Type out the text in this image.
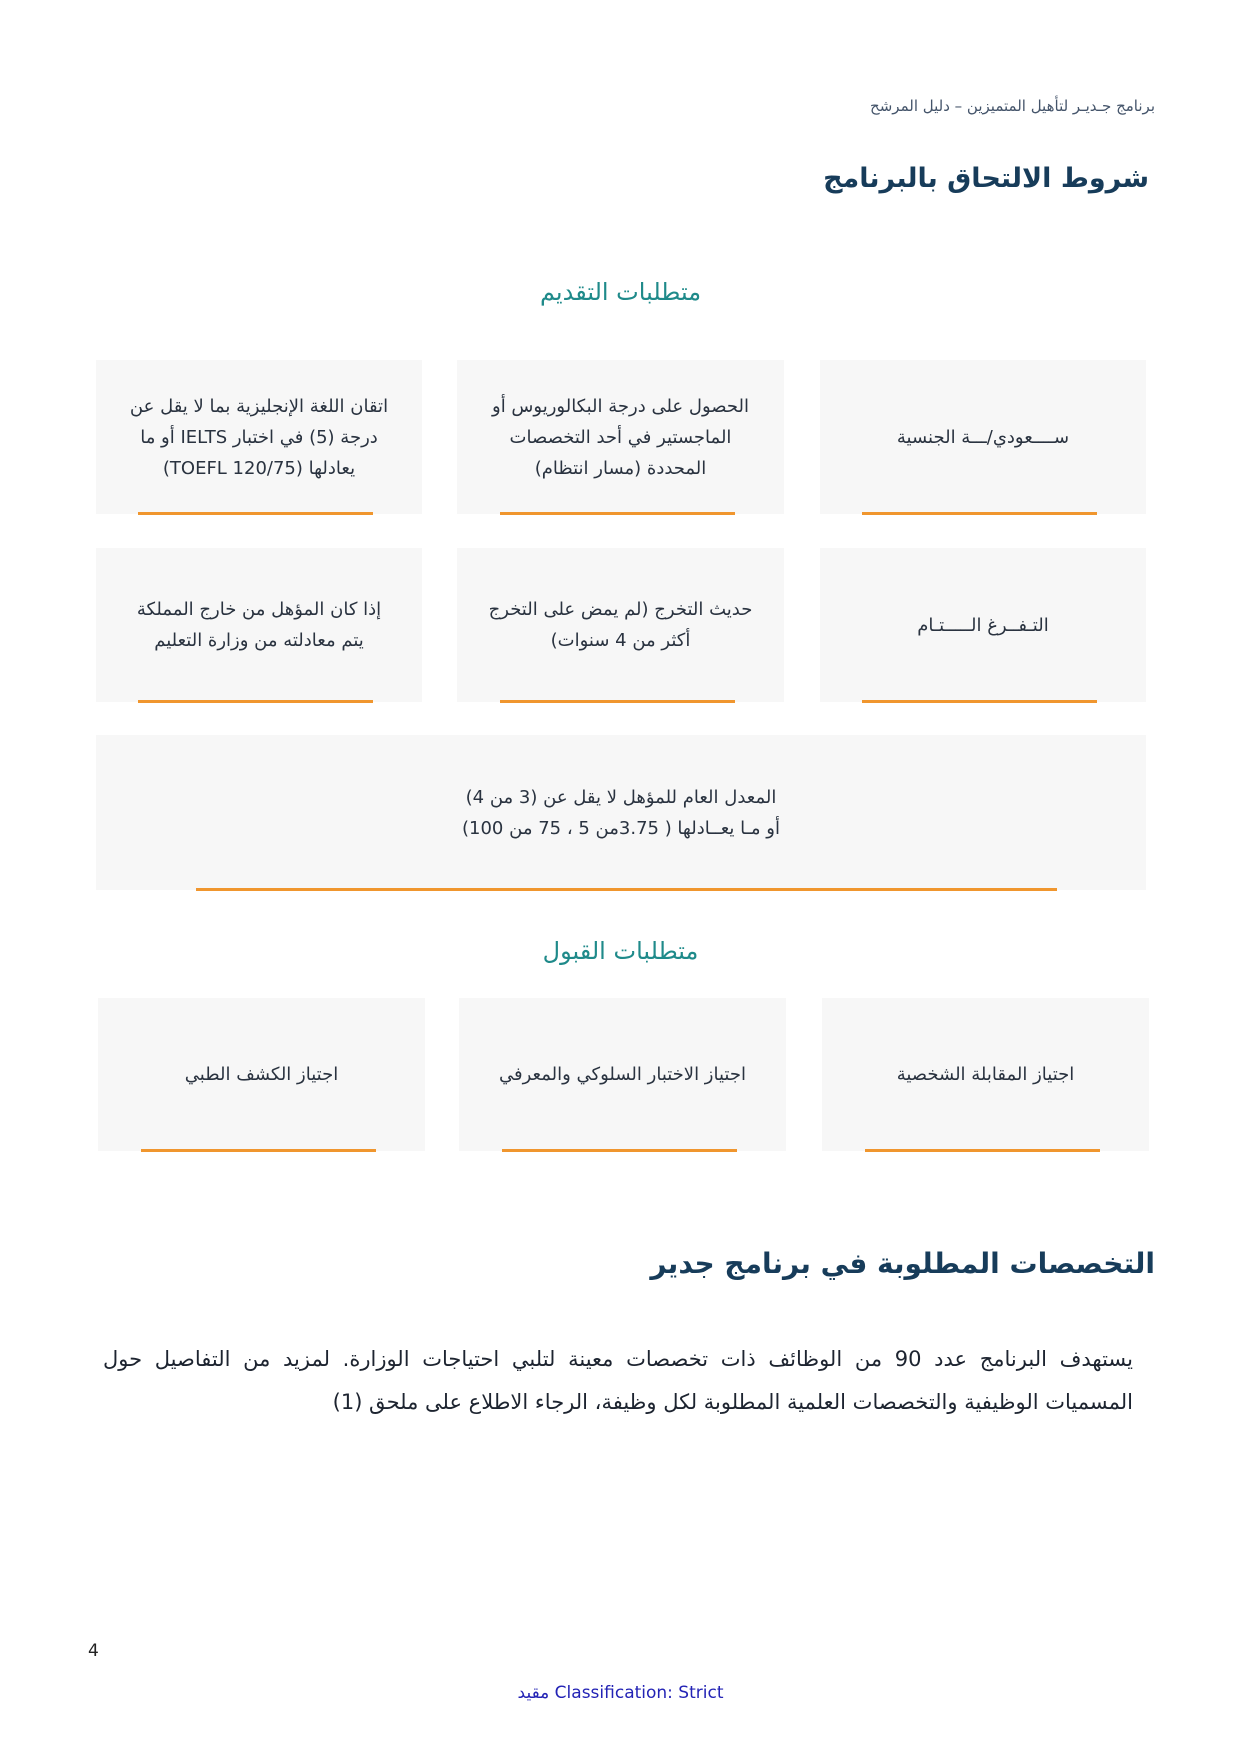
برنامج جـديـر لتأهيل المتميزين – دليل المرشح
شروط الالتحاق بالبرنامج
متطلبات التقديم
ســــعودي/ـــة الجنسية
الحصول على درجة البكالوريوس أو الماجستير في أحد التخصصات المحددة (مسار انتظام)
اتقان اللغة الإنجليزية بما لا يقل عن درجة (5) في اختبار IELTS أو ما يعادلها (TOEFL 120/75)
التـفــرغ الـــــتـام
حديث التخرج (لم يمض على التخرج أكثر من 4 سنوات)
إذا كان المؤهل من خارج المملكة يتم معادلته من وزارة التعليم
المعدل العام للمؤهل لا يقل عن (3 من 4)
أو مـا يعــادلها ( 3.75من 5 ، 75 من 100)
متطلبات القبول
اجتياز المقابلة الشخصية
اجتياز الاختبار السلوكي والمعرفي
اجتياز الكشف الطبي
التخصصات المطلوبة في برنامج جدير
يستهدف البرنامج عدد 90 من الوظائف ذات تخصصات معينة لتلبي احتياجات الوزارة. لمزيد من التفاصيل حول المسميات الوظيفية والتخصصات العلمية المطلوبة لكل وظيفة، الرجاء الاطلاع على ملحق (1)
4
مقيد Classification: Strict
